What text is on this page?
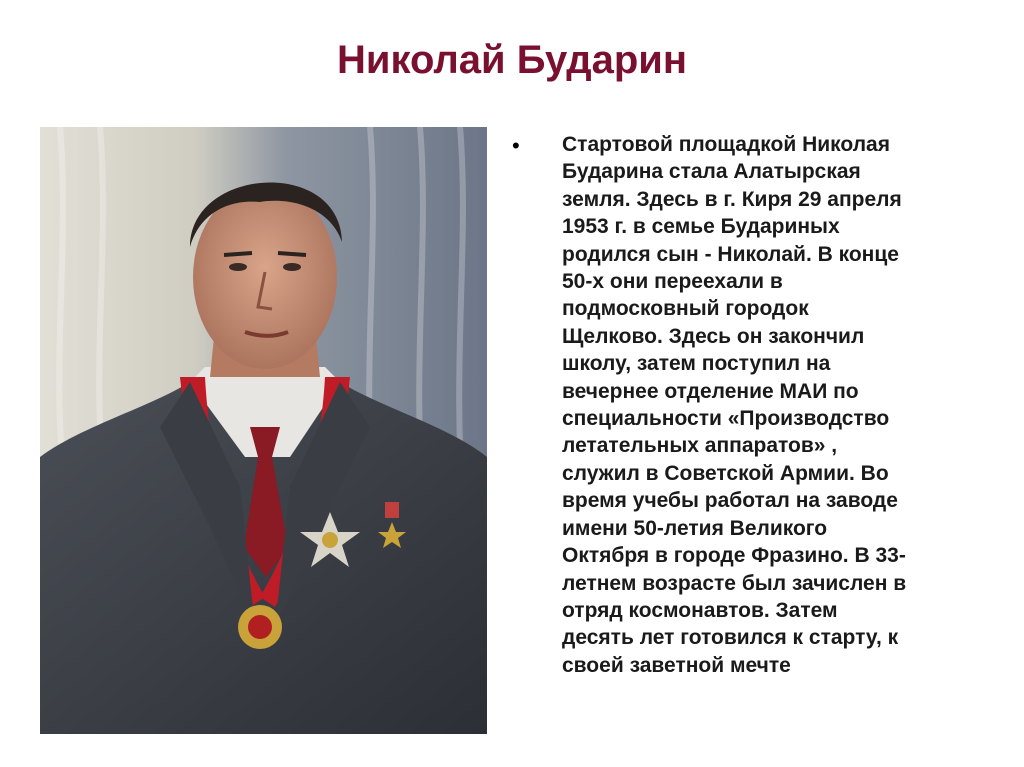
Николай Бударин
• Стартовой площадкой Николая
Бударина стала Алатырская
земля. Здесь в г. Киря 29 апреля
1953 г. в семье Будариных
родился сын - Николай. В конце
50-х они переехали в
подмосковный городок
Щелково. Здесь он закончил
школу, затем поступил на
вечернее отделение МАИ по
специальности «Производство
летательных аппаратов» ,
служил в Советской Армии. Во
время учебы работал на заводе
имени 50-летия Великого
Октября в городе Фразино. В 33-
летнем возрасте был зачислен в
отряд космонавтов. Затем
десять лет готовился к старту, к
своей заветной мечте
